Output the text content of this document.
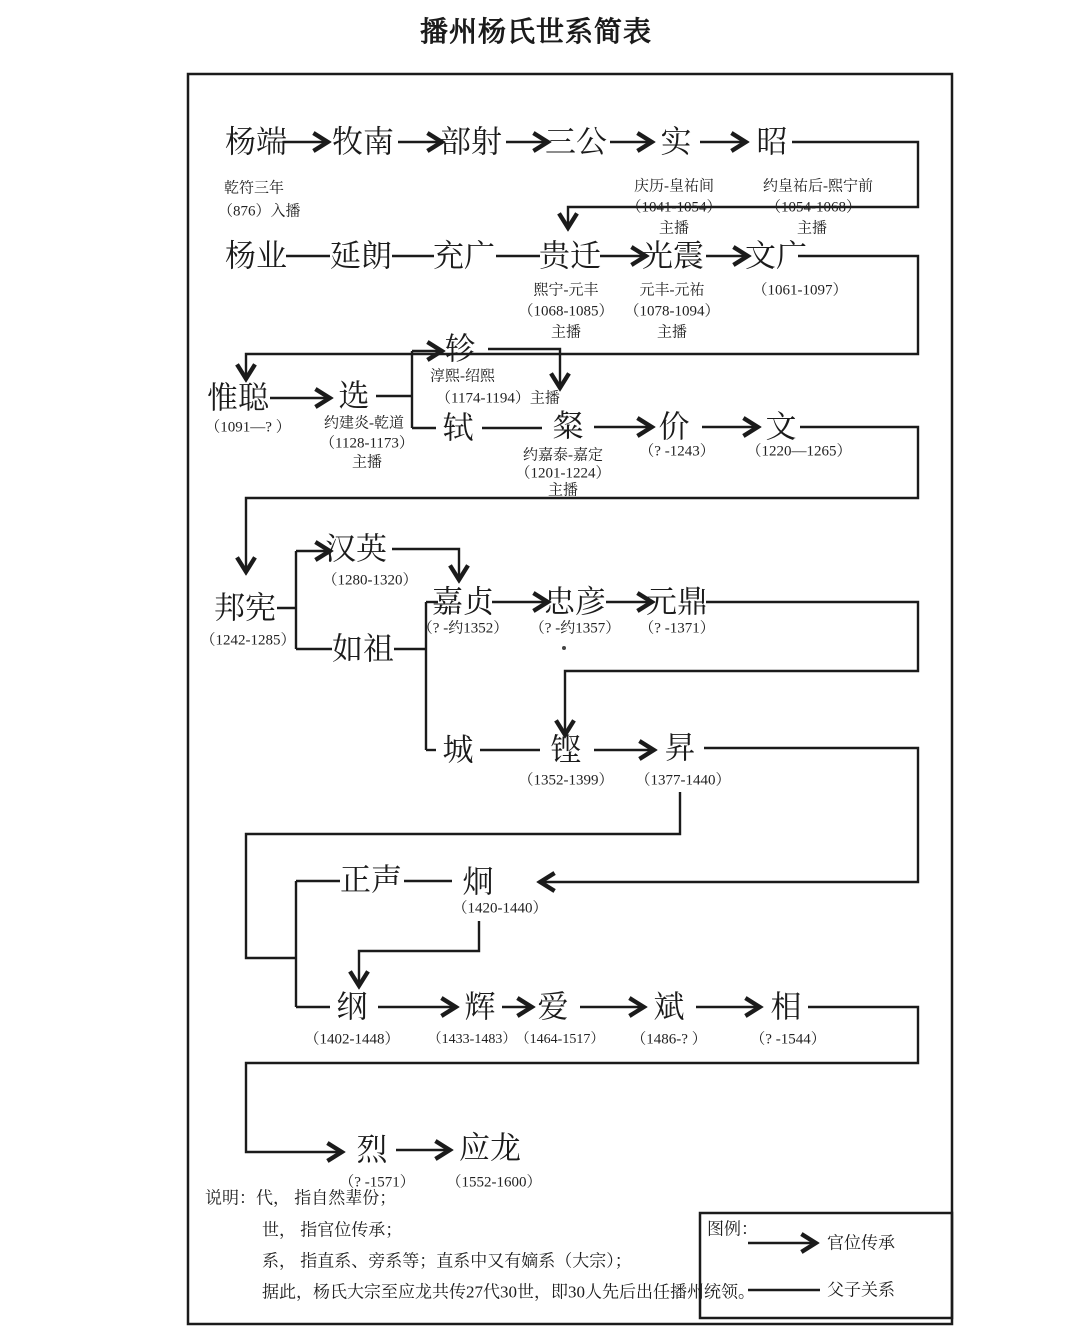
播州杨氏世系简表
杨端 牧南 部射 三公 实 昭
乾符三年
（876）入播
庆历-皇祐间
（1041-1054）
主播
约皇祐后-熙宁前
（1054-1068）
主播
杨业 延朗 充广 贵迁 光震 文广
熙宁-元丰
（1068-1085）
主播
元丰-元祐
（1078-1094）
主播
（1061-1097）
惟聪 选
轸
轼	粲 价 文
（1091—? ） 约建炎-乾道
（1128-1173）
主播
淳熙-绍熙
（1174-1194）主播
约嘉泰-嘉定
（1201-1224）
主播
（? -1243） （1220—1265）
邦宪
汉英
如祖
嘉贞 忠彦 元鼎
（1242-1285）
（1280-1320）
（? -约1352） （? -约1357） （? -1371）
城 铿	昇
（1352-1399） （1377-1440）
正声 炯
（1420-1440）
纲	辉 爱	斌	相
（1402-1448） （1433-1483） （1464-1517） （1486-? ）	（? -1544）
烈 应龙
（? -1571） （1552-1600）
说明：代， 指自然辈份；
世， 指官位传承；
系， 指直系、旁系等；直系中又有嫡系（大宗）；
据此，杨氏大宗至应龙共传27代30世，即30人先后出任播州统领。
图例：
官位传承
父子关系
